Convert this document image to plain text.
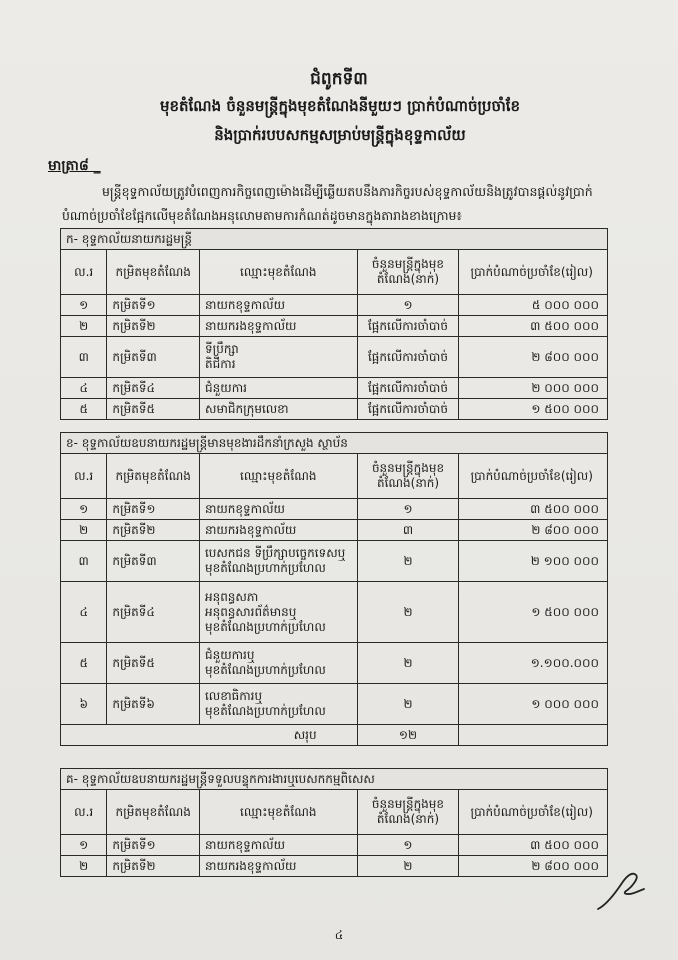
ជំពូកទី៣
មុខតំណែង ចំនួនមន្រ្តីក្នុងមុខតំណែងនីមួយៗ ប្រាក់បំណាច់ប្រចាំខែ
និងប្រាក់របបសកម្មសម្រាប់មន្ត្រីក្នុងខុទ្ទកាល័យ
មាត្រា៨ _
មន្រ្តីខុទ្ទកាល័យត្រូវបំពេញការកិច្ចពេញម៉ោងដើម្បីឆ្លើយតបនឹងភារកិច្ចរបស់ខុទ្ទកាល័យនិងត្រូវបានផ្តល់នូវប្រាក់បំណាច់ប្រចាំខែផ្អែកលើមុខតំណែងអនុលោមតាមការកំណត់ដូចមានក្នុងតារាងខាងក្រោម៖
ក- ខុទ្ទកាល័យនាយករដ្ឋមន្ត្រី				
ល.រ	កម្រិតមុខតំណែង	ឈ្មោះមុខតំណែង	ចំនួនមន្ត្រីក្នុងមុខតំណែង(នាក់)	ប្រាក់បំណាច់ប្រចាំខែ(រៀល)
១	កម្រិតទី១	នាយកខុទ្ទកាល័យ	១	៥ ០០០ ០០០
២	កម្រិតទី២	នាយករងខុទ្ទកាល័យ	ផ្អែកលើការចាំបាច់	៣ ៥០០ ០០០
៣	កម្រិតទី៣	ទីប្រឹក្សា
តិជីការ	ផ្អែកលើការចាំបាច់	២ ៨០០ ០០០
៤	កម្រិតទី៤	ជំនួយការ	ផ្អែកលើការចាំបាច់	២ ០០០ ០០០
៥	កម្រិតទី៥	សមាជិកក្រុមលេខា	ផ្អែកលើការចាំបាច់	១ ៥០០ ០០០
ខ- ខុទ្ទកាល័យឧបនាយករដ្ឋមន្ត្រីមានមុខងារដឹកនាំក្រសួង ស្ថាប័ន				
ល.រ	កម្រិតមុខតំណែង	ឈ្មោះមុខតំណែង	ចំនួនមន្ត្រីក្នុងមុខតំណែង(នាក់)	ប្រាក់បំណាច់ប្រចាំខែ(រៀល)
១	កម្រិតទី១	នាយកខុទ្ទកាល័យ	១	៣ ៥០០ ០០០
២	កម្រិតទី២	នាយករងខុទ្ទកាល័យ	៣	២ ៨០០ ០០០
៣	កម្រិតទី៣	បេសកជន ទីប្រឹក្សាបច្ចេកទេសឬ
មុខតំណែងប្រហាក់ប្រហែល	២	២ ១០០ ០០០
៤	កម្រិតទី៤	អនុពន្ធសភា
អនុពន្ធសារព័ត៌មានឬ
មុខតំណែងប្រហាក់ប្រហែល	២	១ ៥០០ ០០០
៥	កម្រិតទី៥	ជំនួយការឬ
មុខតំណែងប្រហាក់ប្រហែល	២	១.១០០.០០០
៦	កម្រិតទី៦	លេខាធិការឬ
មុខតំណែងប្រហាក់ប្រហែល	២	១ ០០០ ០០០
សរុប			១២	
គ- ខុទ្ទកាល័យឧបនាយករដ្ឋមន្ត្រីទទួលបន្ទុកការងារឬបេសកកម្មពិសេស				
ល.រ	កម្រិតមុខតំណែង	ឈ្មោះមុខតំណែង	ចំនួនមន្ត្រីក្នុងមុខតំណែង(នាក់)	ប្រាក់បំណាច់ប្រចាំខែ(រៀល)
១	កម្រិតទី១	នាយកខុទ្ទកាល័យ	១	៣ ៥០០ ០០០
២	កម្រិតទី២	នាយករងខុទ្ទកាល័យ	២	២ ៨០០ ០០០
៤
